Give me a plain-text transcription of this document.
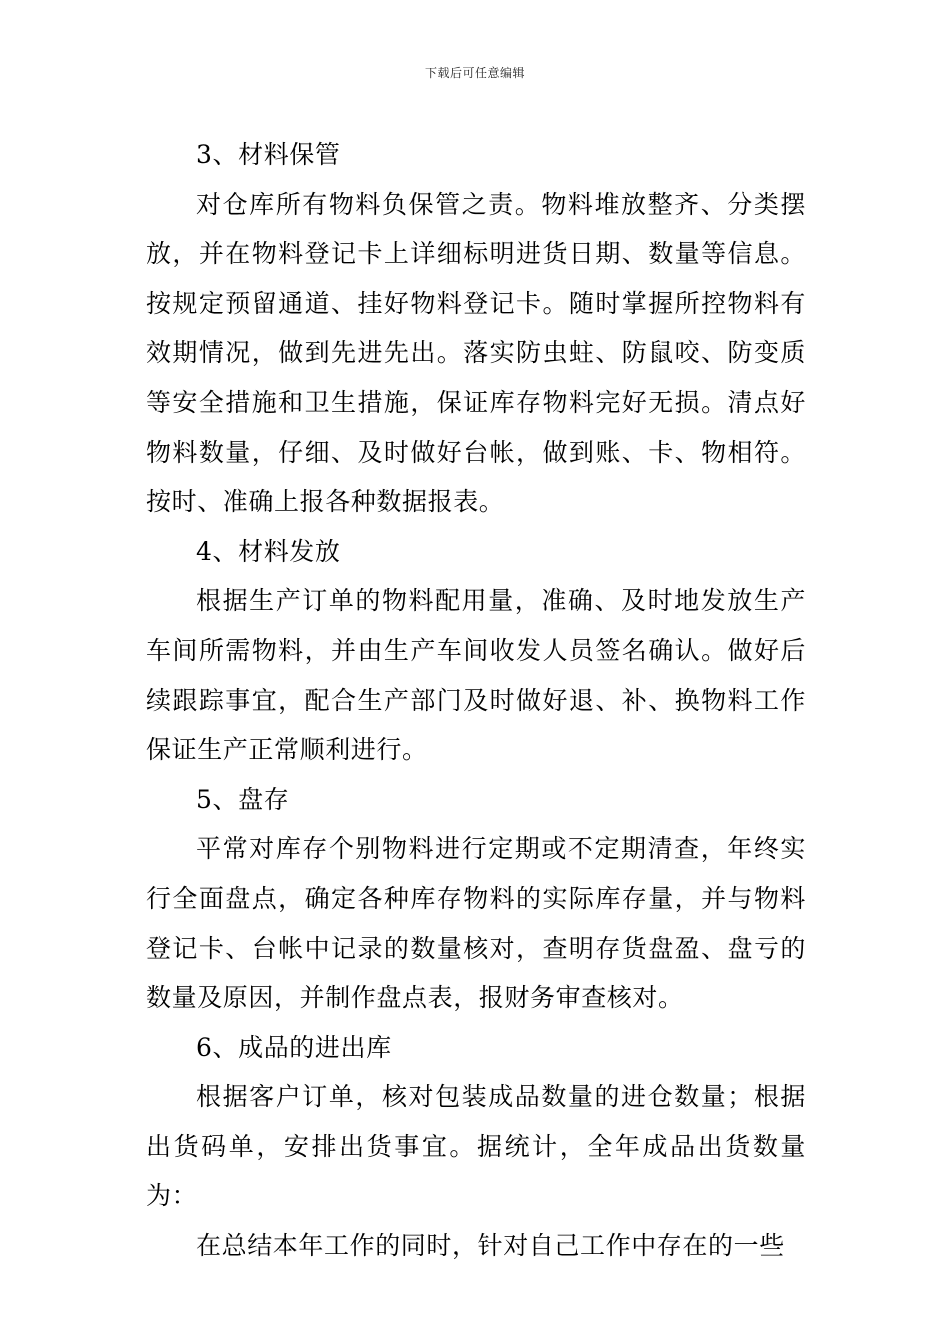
下载后可任意编辑

3、材料保管

对仓库所有物料负保管之责。物料堆放整齐、分类摆放，并在物料登记卡上详细标明进货日期、数量等信息。按规定预留通道、挂好物料登记卡。随时掌握所控物料有效期情况，做到先进先出。落实防虫蛀、防鼠咬、防变质等安全措施和卫生措施，保证库存物料完好无损。清点好物料数量，仔细、及时做好台帐，做到账、卡、物相符。按时、准确上报各种数据报表。

4、材料发放

根据生产订单的物料配用量，准确、及时地发放生产车间所需物料，并由生产车间收发人员签名确认。做好后续跟踪事宜，配合生产部门及时做好退、补、换物料工作保证生产正常顺利进行。

5、盘存

平常对库存个别物料进行定期或不定期清查，年终实行全面盘点，确定各种库存物料的实际库存量，并与物料登记卡、台帐中记录的数量核对，查明存货盘盈、盘亏的数量及原因，并制作盘点表，报财务审查核对。

6、成品的进出库

根据客户订单，核对包装成品数量的进仓数量；根据出货码单，安排出货事宜。据统计，全年成品出货数量为：

在总结本年工作的同时，针对自己工作中存在的一些
